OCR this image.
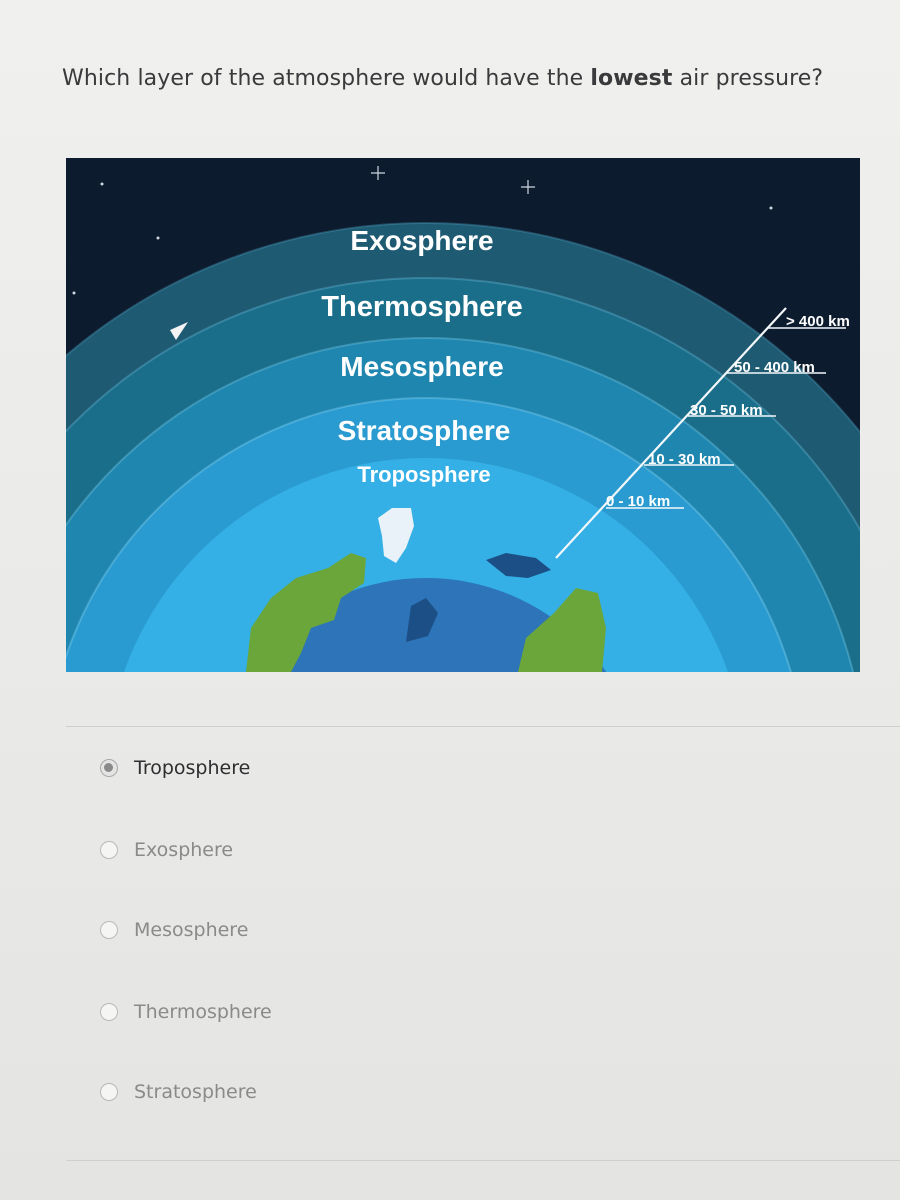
Which layer of the atmosphere would have the lowest air pressure?
> 400 km
50 - 400 km
30 - 50 km
10 - 30 km
0 - 10 km
Exosphere
Thermosphere
Mesosphere
Stratosphere
Troposphere
Troposphere
Exosphere
Mesosphere
Thermosphere
Stratosphere
